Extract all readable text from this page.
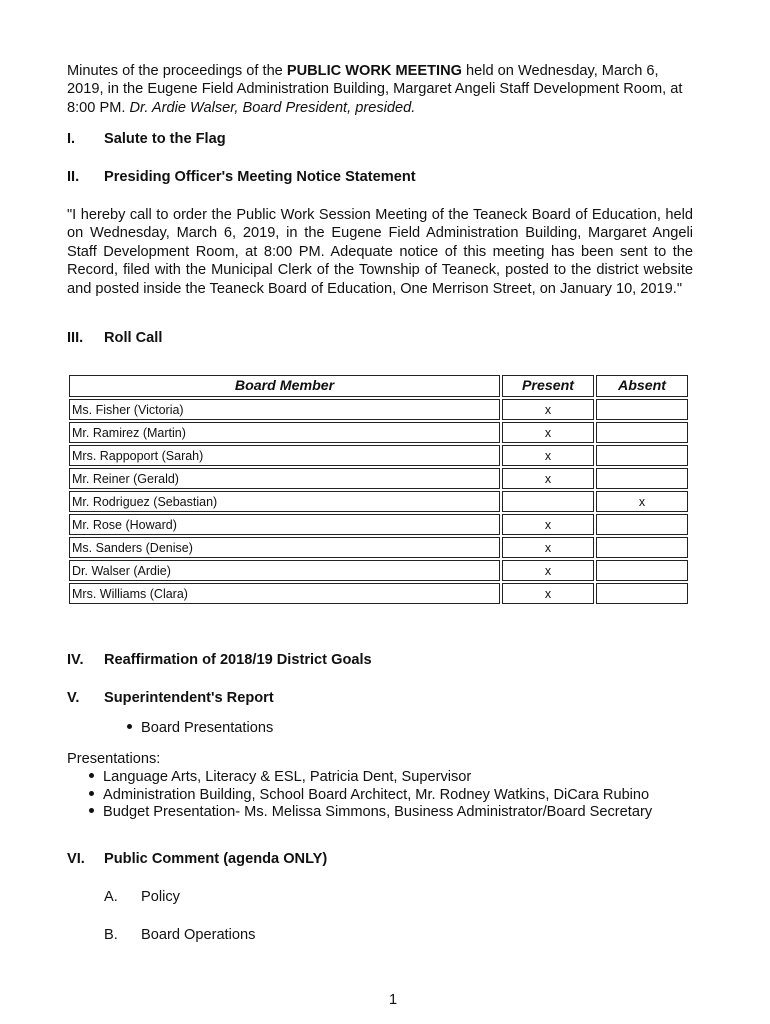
Minutes of the proceedings of the PUBLIC WORK MEETING held on Wednesday, March 6, 2019, in the Eugene Field Administration Building, Margaret Angeli Staff Development Room, at 8:00 PM. Dr. Ardie Walser, Board President, presided.
I. Salute to the Flag
II. Presiding Officer's Meeting Notice Statement
"I hereby call to order the Public Work Session Meeting of the Teaneck Board of Education, held on Wednesday, March 6, 2019, in the Eugene Field Administration Building, Margaret Angeli Staff Development Room, at 8:00 PM. Adequate notice of this meeting has been sent to the Record, filed with the Municipal Clerk of the Township of Teaneck, posted to the district website and posted inside the Teaneck Board of Education, One Merrison Street, on January 10, 2019."
III. Roll Call
Board Member	Present	Absent
Ms. Fisher (Victoria)	x	
Mr. Ramirez (Martin)	x	
Mrs. Rappoport (Sarah)	x	
Mr. Reiner (Gerald)	x	
Mr. Rodriguez (Sebastian)		x
Mr. Rose (Howard)	x	
Ms. Sanders (Denise)	x	
Dr. Walser (Ardie)	x	
Mrs. Williams (Clara)	x	
IV. Reaffirmation of 2018/19 District Goals
V. Superintendent's Report
Board Presentations
Presentations:
Language Arts, Literacy & ESL, Patricia Dent, Supervisor
Administration Building, School Board Architect, Mr. Rodney Watkins, DiCara Rubino
Budget Presentation- Ms. Melissa Simmons, Business Administrator/Board Secretary
VI. Public Comment (agenda ONLY)
A. Policy
B. Board Operations
1
